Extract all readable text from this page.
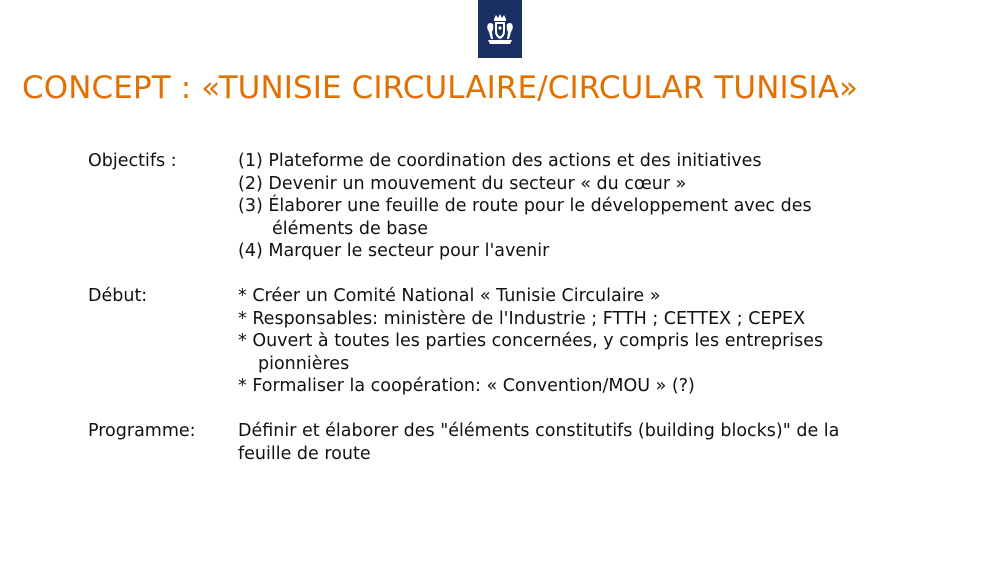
CONCEPT : «TUNISIE CIRCULAIRE/CIRCULAR TUNISIA»
Objectifs :	(1) Plateforme de coordination des actions et des initiatives
(2) Devenir un mouvement du secteur « du cœur »
(3) Élaborer une feuille de route pour le développement avec des
éléments de base
(4) Marquer le secteur pour l'avenir
Début:	* Créer un Comité National « Tunisie Circulaire »
* Responsables: ministère de l'Industrie ; FTTH ; CETTEX ; CEPEX
* Ouvert à toutes les parties concernées, y compris les entreprises
pionnières
* Formaliser la coopération: « Convention/MOU » (?)
Programme:	Définir et élaborer des "éléments constitutifs (building blocks)" de la
feuille de route
